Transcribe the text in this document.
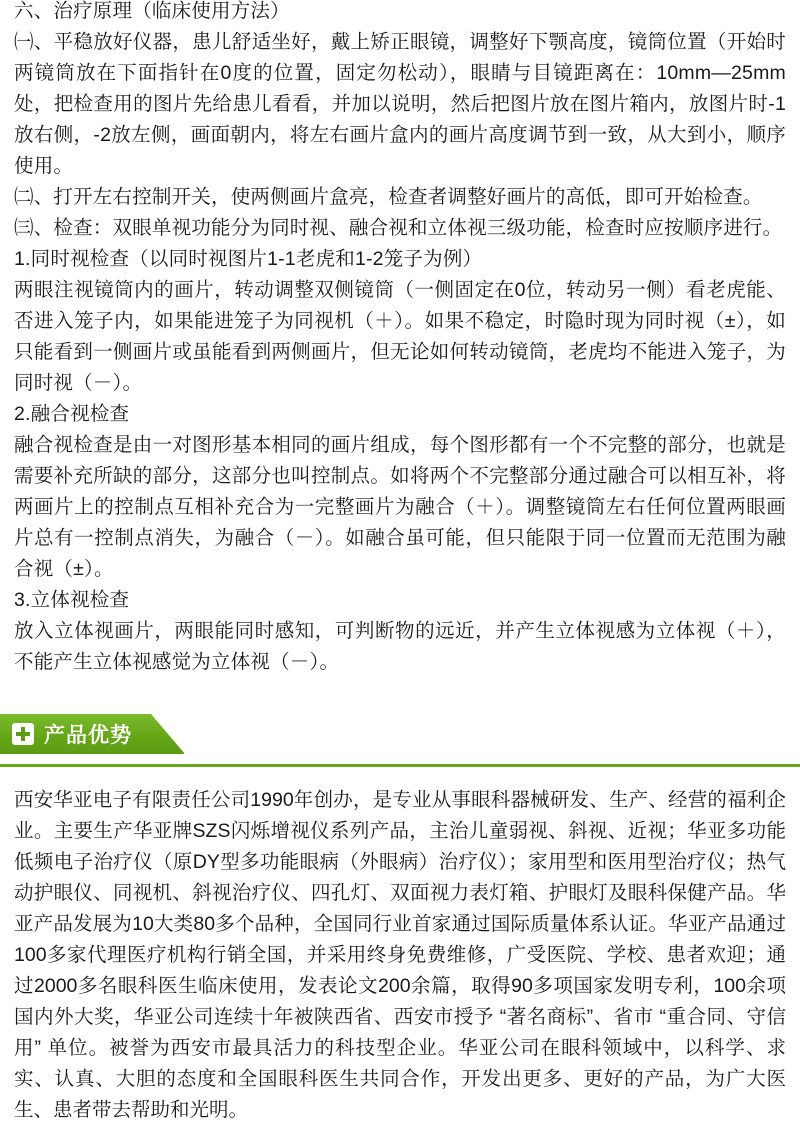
六、治疗原理（临床使用方法）

㈠、平稳放好仪器，患儿舒适坐好，戴上矫正眼镜，调整好下颚高度，镜筒位置（开始时两镜筒放在下面指针在0度的位置，固定勿松动），眼睛与目镜距离在：10mm—25mm处，把检查用的图片先给患儿看看，并加以说明，然后把图片放在图片箱内，放图片时-1放右侧，-2放左侧，画面朝内，将左右画片盒内的画片高度调节到一致，从大到小，顺序使用。

㈡、打开左右控制开关，使两侧画片盒亮，检查者调整好画片的高低，即可开始检查。

㈢、检查：双眼单视功能分为同时视、融合视和立体视三级功能，检查时应按顺序进行。

1.同时视检查（以同时视图片1-1老虎和1-2笼子为例）

两眼注视镜筒内的画片，转动调整双侧镜筒（一侧固定在0位，转动另一侧）看老虎能、否进入笼子内，如果能进笼子为同视机（＋）。如果不稳定，时隐时现为同时视（±），如只能看到一侧画片或虽能看到两侧画片，但无论如何转动镜筒，老虎均不能进入笼子，为同时视（－）。

2.融合视检查

融合视检查是由一对图形基本相同的画片组成，每个图形都有一个不完整的部分，也就是需要补充所缺的部分，这部分也叫控制点。如将两个不完整部分通过融合可以相互补，将两画片上的控制点互相补充合为一完整画片为融合（＋）。调整镜筒左右任何位置两眼画片总有一控制点消失，为融合（－）。如融合虽可能，但只能限于同一位置而无范围为融合视（±）。

3.立体视检查

放入立体视画片，两眼能同时感知，可判断物的远近，并产生立体视感为立体视（＋），不能产生立体视感觉为立体视（－）。

产品优势

西安华亚电子有限责任公司1990年创办，是专业从事眼科器械研发、生产、经营的福利企业。主要生产华亚牌SZS闪烁增视仪系列产品，主治儿童弱视、斜视、近视；华亚多功能低频电子治疗仪（原DY型多功能眼病（外眼病）治疗仪）；家用型和医用型治疗仪；热气动护眼仪、同视机、斜视治疗仪、四孔灯、双面视力表灯箱、护眼灯及眼科保健产品。华亚产品发展为10大类80多个品种，全国同行业首家通过国际质量体系认证。华亚产品通过100多家代理医疗机构行销全国，并采用终身免费维修，广受医院、学校、患者欢迎；通过2000多名眼科医生临床使用，发表论文200余篇，取得90多项国家发明专利，100余项国内外大奖，华亚公司连续十年被陕西省、西安市授予 “著名商标”、省市 “重合同、守信用” 单位。被誉为西安市最具活力的科技型企业。华亚公司在眼科领域中，以科学、求实、认真、大胆的态度和全国眼科医生共同合作，开发出更多、更好的产品，为广大医生、患者带去帮助和光明。
